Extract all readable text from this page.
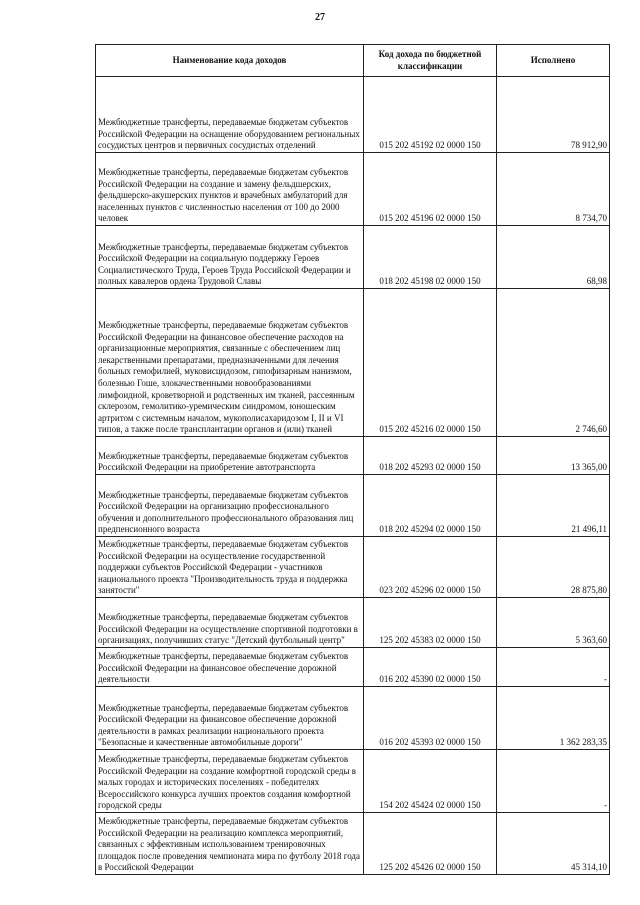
27
Наименование кода доходов	Код дохода по бюджетной классификации	Исполнено
Межбюджетные трансферты, передаваемые бюджетам субъектов Российской Федерации на оснащение оборудованием региональных сосудистых центров и первичных сосудистых отделений	015 202 45192 02 0000 150	78 912,90
Межбюджетные трансферты, передаваемые бюджетам субъектов Российской Федерации на создание и замену фельдшерских, фельдшерско-акушерских пунктов и врачебных амбулаторий для населенных пунктов с численностью населения от 100 до 2000 человек	015 202 45196 02 0000 150	8 734,70
Межбюджетные трансферты, передаваемые бюджетам субъектов Российской Федерации на социальную поддержку Героев Социалистического Труда, Героев Труда Российской Федерации и полных кавалеров ордена Трудовой Славы	018 202 45198 02 0000 150	68,98
Межбюджетные трансферты, передаваемые бюджетам субъектов Российской Федерации на финансовое обеспечение расходов на организационные мероприятия, связанные с обеспечением лиц лекарственными препаратами, предназначенными для лечения больных гемофилией, муковисцидозом, гипофизарным нанизмом, болезнью Гоше, злокачественными новообразованиями лимфоидной, кроветворной и родственных им тканей, рассеянным склерозом, гемолитико-уремическим синдромом, юношеским артритом с системным началом, мукополисахаридозом I, II и VI типов, а также после трансплантации органов и (или) тканей	015 202 45216 02 0000 150	2 746,60
Межбюджетные трансферты, передаваемые бюджетам субъектов Российской Федерации на приобретение автотранспорта	018 202 45293 02 0000 150	13 365,00
Межбюджетные трансферты, передаваемые бюджетам субъектов Российской Федерации на организацию профессионального обучения и дополнительного профессионального образования лиц предпенсионного возраста	018 202 45294 02 0000 150	21 496,11
Межбюджетные трансферты, передаваемые бюджетам субъектов Российской Федерации на осуществление государственной поддержки субъектов Российской Федерации - участников национального проекта "Производительность труда и поддержка занятости"	023 202 45296 02 0000 150	28 875,80
Межбюджетные трансферты, передаваемые бюджетам субъектов Российской Федерации на осуществление спортивной подготовки в организациях, получивших статус "Детский футбольный центр"	125 202 45383 02 0000 150	5 363,60
Межбюджетные трансферты, передаваемые бюджетам субъектов Российской Федерации на финансовое обеспечение дорожной деятельности	016 202 45390 02 0000 150	-
Межбюджетные трансферты, передаваемые бюджетам субъектов Российской Федерации на финансовое обеспечение дорожной деятельности в рамках реализации национального проекта "Безопасные и качественные автомобильные дороги"	016 202 45393 02 0000 150	1 362 283,35
Межбюджетные трансферты, передаваемые бюджетам субъектов Российской Федерации на создание комфортной городской среды в малых городах и исторических поселениях - победителях Всероссийского конкурса лучших проектов создания комфортной городской среды	154 202 45424 02 0000 150	-
Межбюджетные трансферты, передаваемые бюджетам субъектов Российской Федерации на реализацию комплекса мероприятий, связанных с эффективным использованием тренировочных площадок после проведения чемпионата мира по футболу 2018 года в Российской Федерации	125 202 45426 02 0000 150	45 314,10
